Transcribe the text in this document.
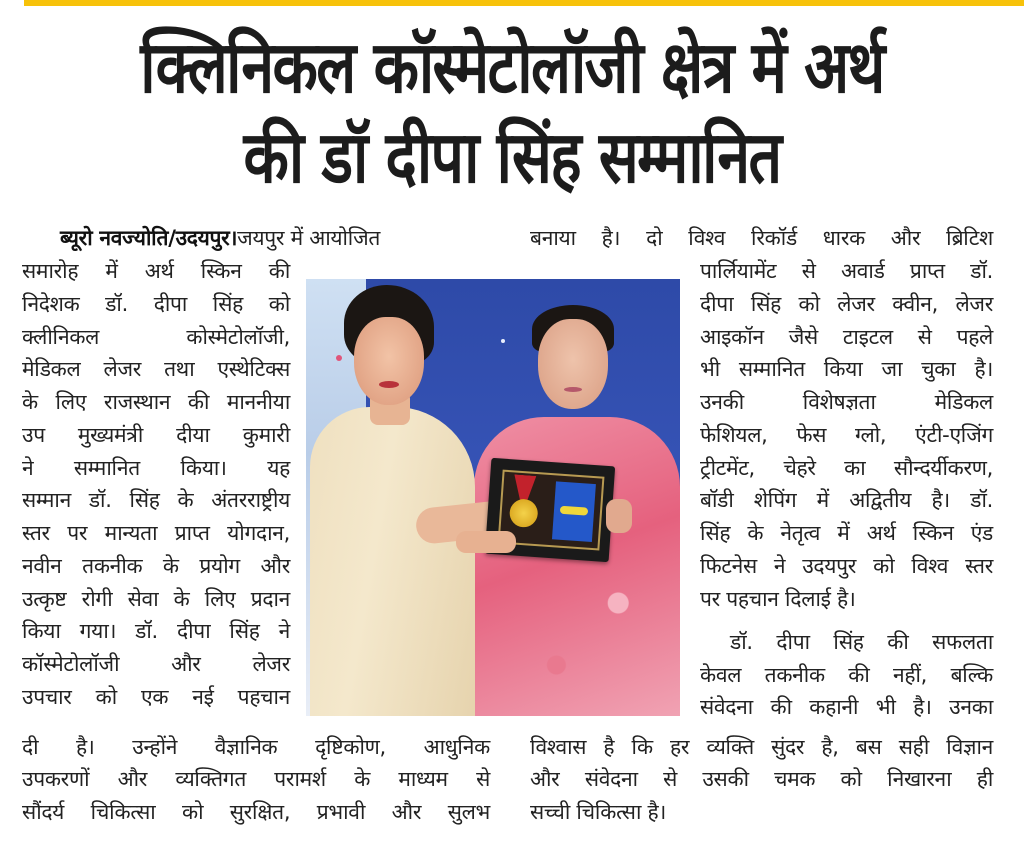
क्लिनिकल कॉस्मेटोलॉजी क्षेत्र में अर्थ
की डॉ दीपा सिंह सम्मानित
ब्यूरो नवज्योति/उदयपुर।जयपुर में आयोजित
समारोह में अर्थ स्किन की
निदेशक डॉ. दीपा सिंह को
क्लीनिकल कोस्मेटोलॉजी,
मेडिकल लेजर तथा एस्थेटिक्स
के लिए राजस्थान की माननीया
उप मुख्यमंत्री दीया कुमारी
ने सम्मानित किया। यह
सम्मान डॉ. सिंह के अंतरराष्ट्रीय
स्तर पर मान्यता प्राप्त योगदान,
नवीन तकनीक के प्रयोग और
उत्कृष्ट रोगी सेवा के लिए प्रदान
किया गया। डॉ. दीपा सिंह ने
कॉस्मेटोलॉजी और लेजर
उपचार को एक नई पहचान
दी है। उन्होंने वैज्ञानिक दृष्टिकोण, आधुनिक
उपकरणों और व्यक्तिगत परामर्श के माध्यम से
सौंदर्य चिकित्सा को सुरक्षित, प्रभावी और सुलभ
बनाया है। दो विश्व रिकॉर्ड धारक और ब्रिटिश
पार्लियामेंट से अवार्ड प्राप्त डॉ.
दीपा सिंह को लेजर क्वीन, लेजर
आइकॉन जैसे टाइटल से पहले
भी सम्मानित किया जा चुका है।
उनकी विशेषज्ञता मेडिकल
फेशियल, फेस ग्लो, एंटी-एजिंग
ट्रीटमेंट, चेहरे का सौन्दर्यीकरण,
बॉडी शेपिंग में अद्वितीय है। डॉ.
सिंह के नेतृत्व में अर्थ स्किन एंड
फिटनेस ने उदयपुर को विश्व स्तर
पर पहचान दिलाई है।
डॉ. दीपा सिंह की सफलता
केवल तकनीक की नहीं, बल्कि
संवेदना की कहानी भी है। उनका
विश्वास है कि हर व्यक्ति सुंदर है, बस सही विज्ञान
और संवेदना से उसकी चमक को निखारना ही
सच्ची चिकित्सा है।
